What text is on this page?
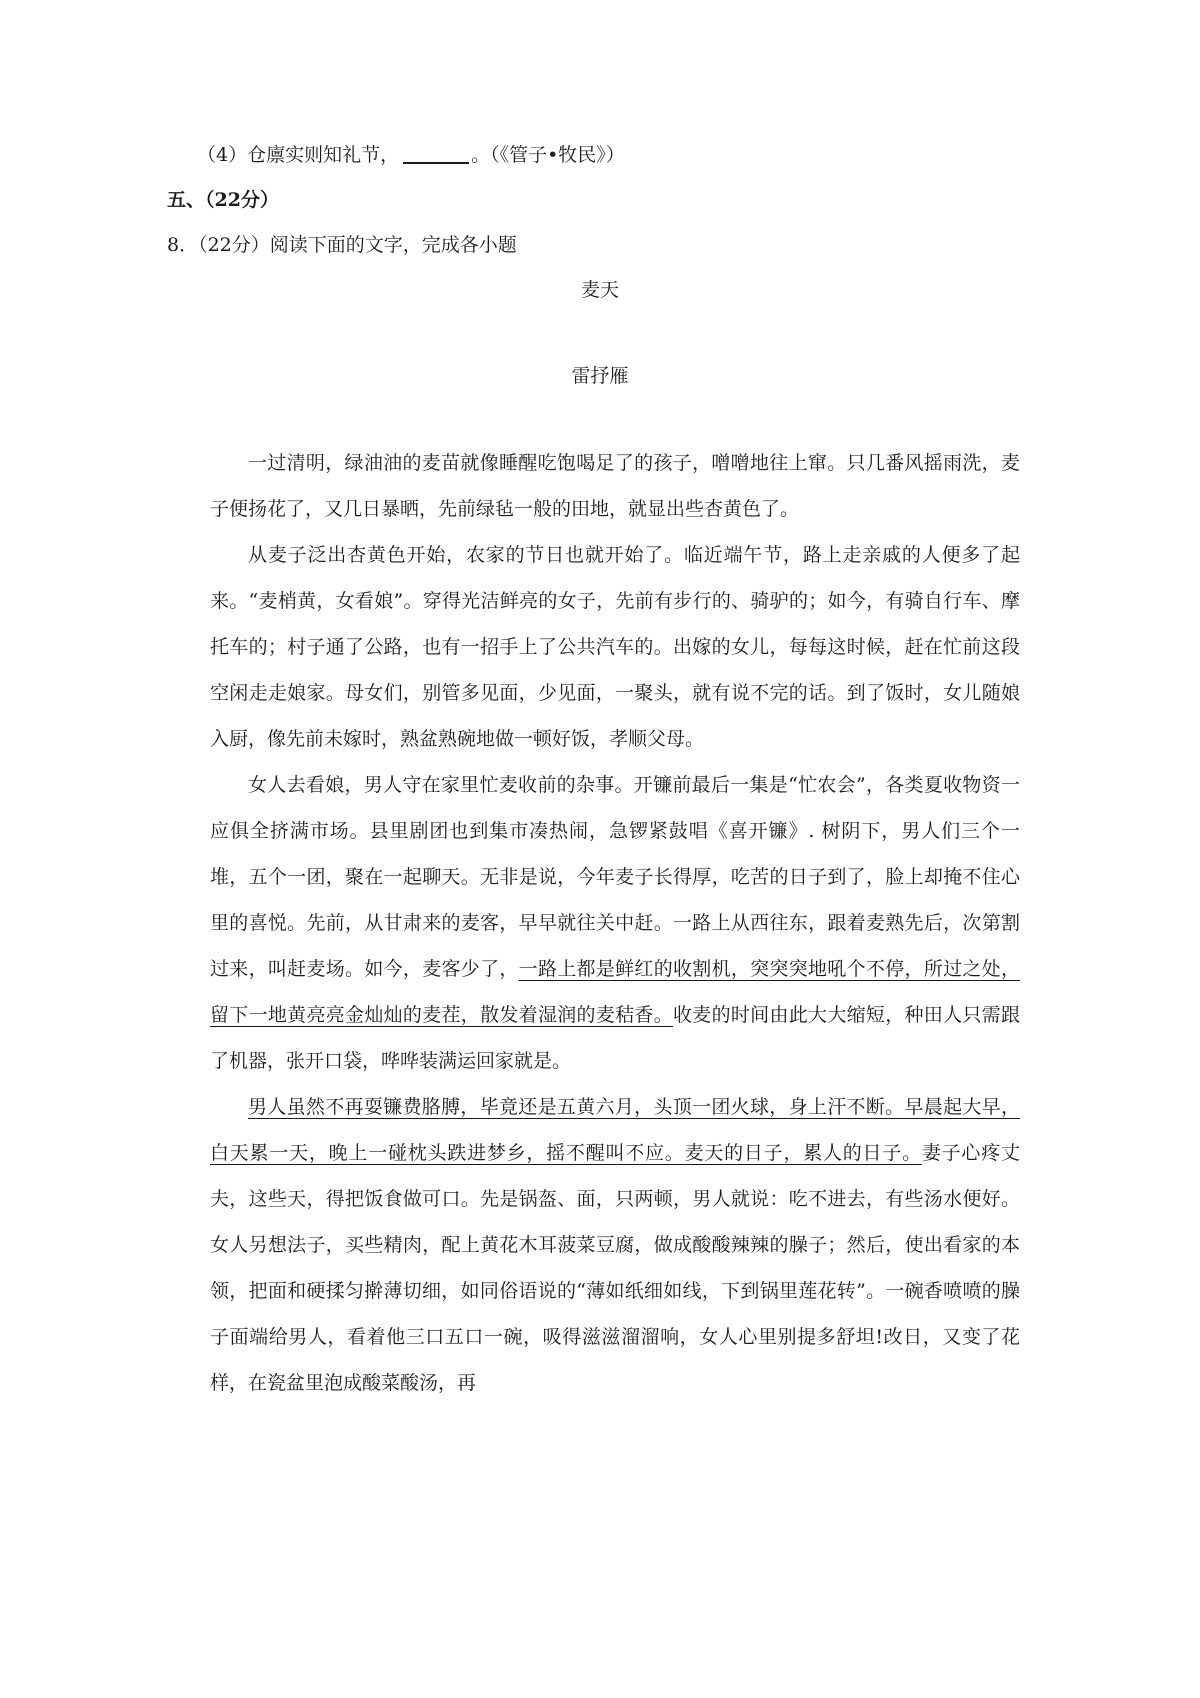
（4）仓廪实则知礼节，	。（《管子•牧民》）
五、（22分）
8．（22分）阅读下面的文字，完成各小题
麦天
雷抒雁

一过清明，绿油油的麦苗就像睡醒吃饱喝足了的孩子，噌噌地往上窜。只几番风摇雨洗，麦子便扬花了，又几日暴晒，先前绿毡一般的田地，就显出些杏黄色了。

从麦子泛出杏黄色开始，农家的节日也就开始了。临近端午节，路上走亲戚的人便多了起来。“麦梢黄，女看娘”。穿得光洁鲜亮的女子，先前有步行的、骑驴的；如今，有骑自行车、摩托车的；村子通了公路，也有一招手上了公共汽车的。出嫁的女儿，每每这时候，赶在忙前这段空闲走走娘家。母女们，别管多见面，少见面，一聚头，就有说不完的话。到了饭时，女儿随娘入厨，像先前未嫁时，熟盆熟碗地做一顿好饭，孝顺父母。

女人去看娘，男人守在家里忙麦收前的杂事。开镰前最后一集是“忙农会”，各类夏收物资一应俱全挤满市场。县里剧团也到集市凑热闹，急锣紧鼓唱《喜开镰》. 树阴下，男人们三个一堆，五个一团，聚在一起聊天。无非是说，今年麦子长得厚，吃苦的日子到了，脸上却掩不住心里的喜悦。先前，从甘肃来的麦客，早早就往关中赶。一路上从西往东，跟着麦熟先后，次第割过来，叫赶麦场。如今，麦客少了，一路上都是鲜红的收割机，突突突地吼个不停，所过之处，留下一地黄亮亮金灿灿的麦茬，散发着湿润的麦秸香。收麦的时间由此大大缩短，种田人只需跟了机器，张开口袋，哗哗装满运回家就是。

男人虽然不再耍镰费胳膊，毕竟还是五黄六月，头顶一团火球，身上汗不断。早晨起大早，白天累一天，晚上一碰枕头跌进梦乡，摇不醒叫不应。麦天的日子，累人的日子。妻子心疼丈夫，这些天，得把饭食做可口。先是锅盔、面，只两顿，男人就说：吃不进去，有些汤水便好。女人另想法子，买些精肉，配上黄花木耳菠菜豆腐，做成酸酸辣辣的臊子；然后，使出看家的本领，把面和硬揉匀擀薄切细，如同俗语说的“薄如纸细如线，下到锅里莲花转”。一碗香喷喷的臊子面端给男人，看着他三口五口一碗，吸得滋滋溜溜响，女人心里别提多舒坦!改日，又变了花样，在瓷盆里泡成酸菜酸汤，再
